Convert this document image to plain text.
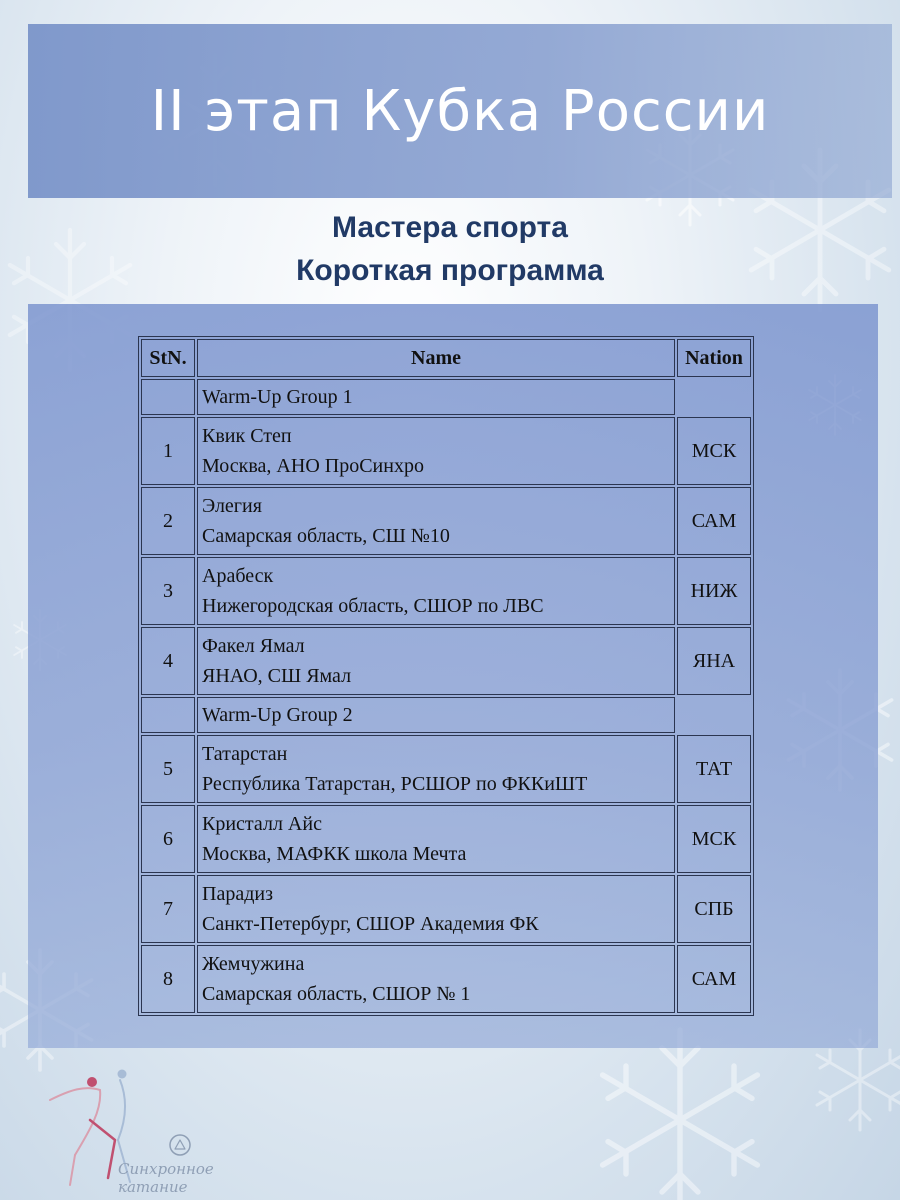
II этап Кубка России
Мастера спорта
Короткая программа
StN.	Name	Nation
	Warm-Up Group 1	
1	Квик Степ
Москва, АНО ПроСинхро	МСК
2	Элегия
Самарская область, СШ №10	САМ
3	Арабеск
Нижегородская область, СШОР по ЛВС	НИЖ
4	Факел Ямал
ЯНАО, СШ Ямал	ЯНА
	Warm-Up Group 2	
5	Татарстан
Республика Татарстан, РСШОР по ФККиШТ	ТАТ
6	Кристалл Айс
Москва, МАФКК школа Мечта	МСК
7	Парадиз
Санкт-Петербург, СШОР Академия ФК	СПБ
8	Жемчужина
Самарская область, СШОР № 1	САМ
Синхронное
катание
